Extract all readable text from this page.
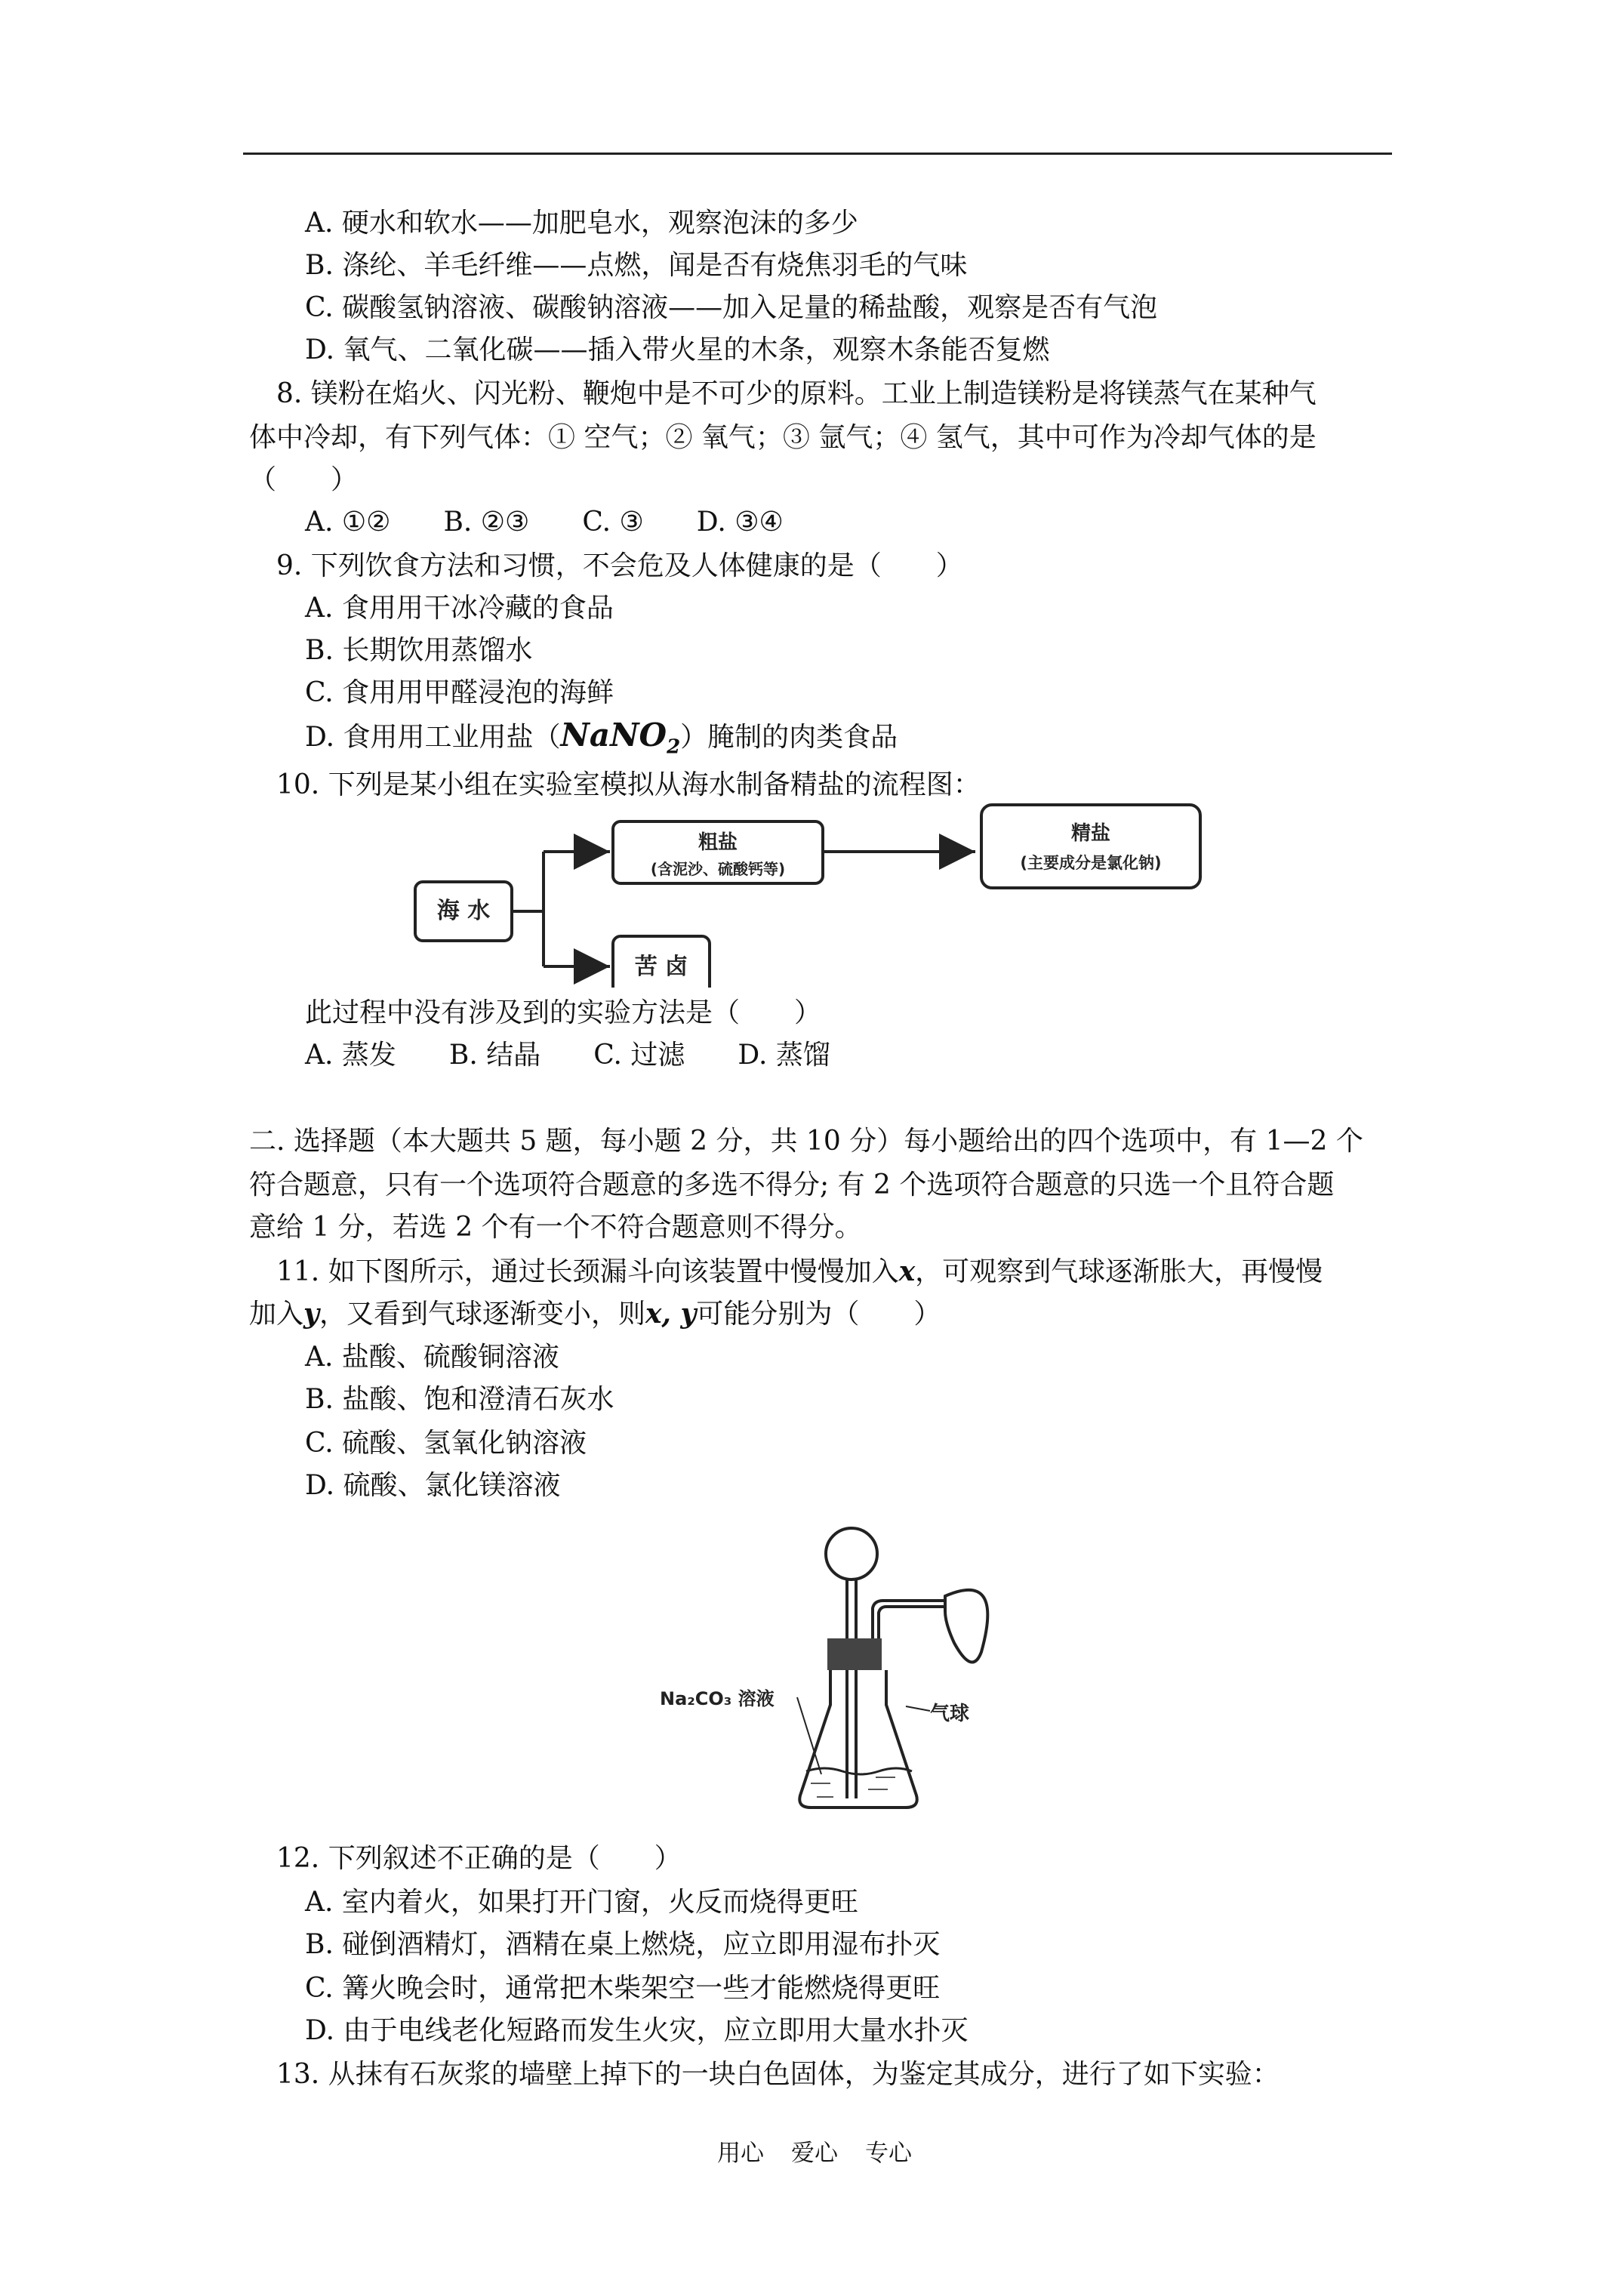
A. 硬水和软水——加肥皂水，观察泡沫的多少
B. 涤纶、羊毛纤维——点燃，闻是否有烧焦羽毛的气味
C. 碳酸氢钠溶液、碳酸钠溶液——加入足量的稀盐酸，观察是否有气泡
D. 氧气、二氧化碳——插入带火星的木条，观察木条能否复燃
8. 镁粉在焰火、闪光粉、鞭炮中是不可少的原料。工业上制造镁粉是将镁蒸气在某种气
体中冷却，有下列气体：① 空气；② 氧气；③ 氩气；④ 氢气，其中可作为冷却气体的是
（　　）
A. ①② B. ②③ C. ③ D. ③④
9. 下列饮食方法和习惯，不会危及人体健康的是（　　）
A. 食用用干冰冷藏的食品
B. 长期饮用蒸馏水
C. 食用用甲醛浸泡的海鲜
D. 食用用工业用盐（NaNO$_2$）腌制的肉类食品
10. 下列是某小组在实验室模拟从海水制备精盐的流程图：
海 水
粗盐
(含泥沙、硫酸钙等)
精盐
(主要成分是氯化钠)
苦 卤
此过程中没有涉及到的实验方法是（　　）
A. 蒸发 B. 结晶 C. 过滤 D. 蒸馏
二. 选择题（本大题共 5 题，每小题 2 分，共 10 分）每小题给出的四个选项中，有 1—2 个
符合题意，只有一个选项符合题意的多选不得分; 有 2 个选项符合题意的只选一个且符合题
意给 1 分，若选 2 个有一个不符合题意则不得分。
11. 如下图所示，通过长颈漏斗向该装置中慢慢加入x，可观察到气球逐渐胀大，再慢慢
加入y，又看到气球逐渐变小，则x, y可能分别为（　　）
A. 盐酸、硫酸铜溶液
B. 盐酸、饱和澄清石灰水
C. 硫酸、氢氧化钠溶液
D. 硫酸、氯化镁溶液
Na₂CO₃ 溶液
气球
12. 下列叙述不正确的是（　　）
A. 室内着火，如果打开门窗，火反而烧得更旺
B. 碰倒酒精灯，酒精在桌上燃烧，应立即用湿布扑灭
C. 篝火晚会时，通常把木柴架空一些才能燃烧得更旺
D. 由于电线老化短路而发生火灾，应立即用大量水扑灭
13. 从抹有石灰浆的墙壁上掉下的一块白色固体，为鉴定其成分，进行了如下实验：
用心 爱心 专心
